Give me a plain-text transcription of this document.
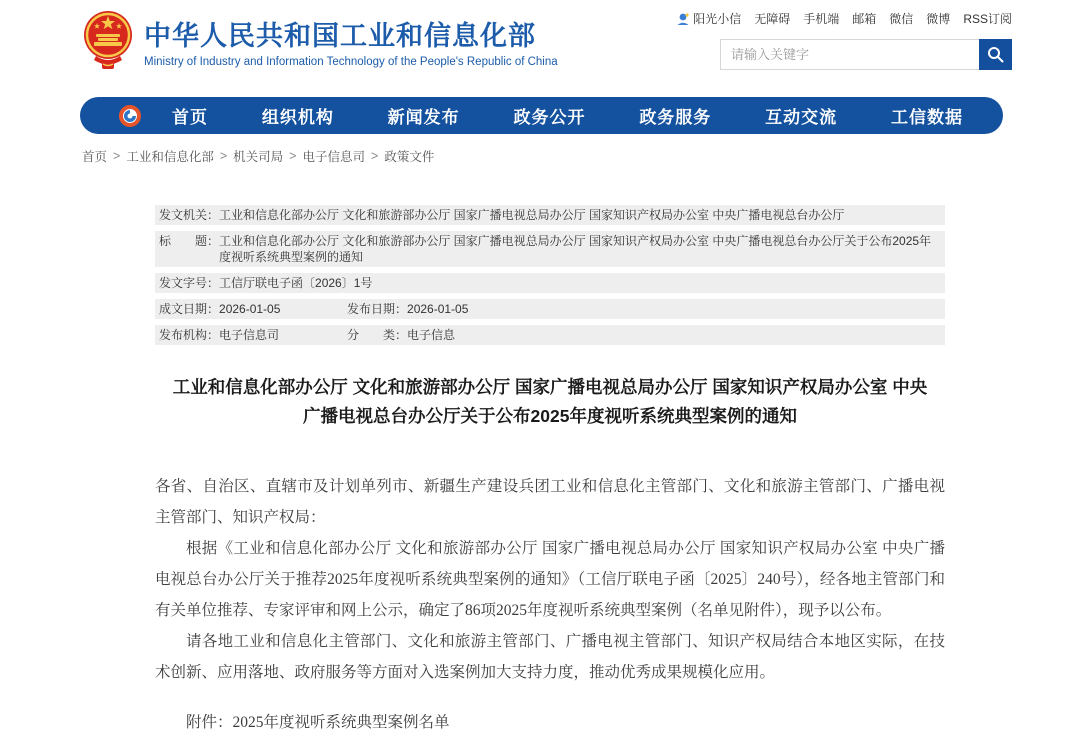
中华人民共和国工业和信息化部
Ministry of Industry and Information Technology of the People's Republic of China
阳光小信 无障碍 手机端 邮箱 微信 微博 RSS订阅
请输入关键字
首页	组织机构	新闻发布	政务公开	政务服务	互动交流	工信数据
首页 > 工业和信息化部 > 机关司局 > 电子信息司 > 政策文件
发文机关： 工业和信息化部办公厅 文化和旅游部办公厅 国家广播电视总局办公厅 国家知识产权局办公室 中央广播电视总台办公厅
标　　题： 工业和信息化部办公厅 文化和旅游部办公厅 国家广播电视总局办公厅 国家知识产权局办公室 中央广播电视总台办公厅关于公布2025年度视听系统典型案例的通知
发文字号： 工信厅联电子函〔2026〕1号
成文日期： 2026-01-05	发布日期： 2026-01-05
发布机构： 电子信息司	分　　类： 电子信息
工业和信息化部办公厅 文化和旅游部办公厅 国家广播电视总局办公厅 国家知识产权局办公室 中央广播电视总台办公厅关于公布2025年度视听系统典型案例的通知

各省、自治区、直辖市及计划单列市、新疆生产建设兵团工业和信息化主管部门、文化和旅游主管部门、广播电视主管部门、知识产权局：

根据《工业和信息化部办公厅 文化和旅游部办公厅 国家广播电视总局办公厅 国家知识产权局办公室 中央广播电视总台办公厅关于推荐2025年度视听系统典型案例的通知》（工信厅联电子函〔2025〕240号），经各地主管部门和有关单位推荐、专家评审和网上公示，确定了86项2025年度视听系统典型案例（名单见附件），现予以公布。

请各地工业和信息化主管部门、文化和旅游主管部门、广播电视主管部门、知识产权局结合本地区实际，在技术创新、应用落地、政府服务等方面对入选案例加大支持力度，推动优秀成果规模化应用。

附件：2025年度视听系统典型案例名单
